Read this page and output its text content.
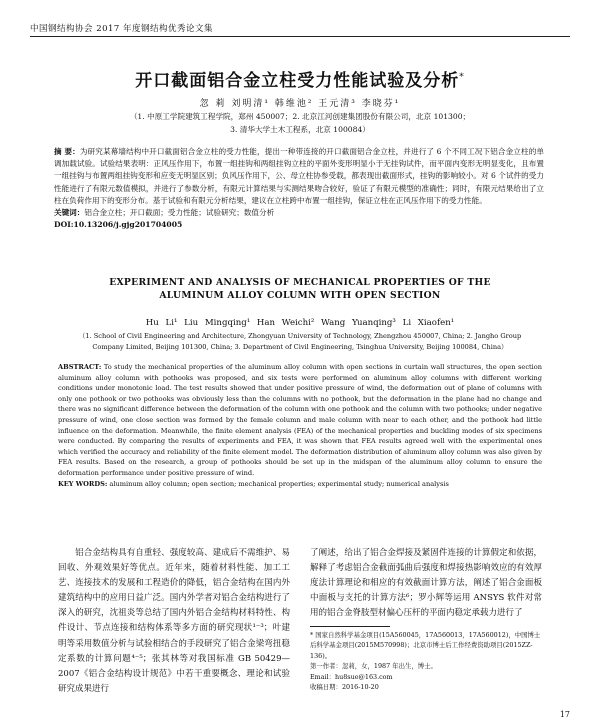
中国钢结构协会 2017 年度钢结构优秀论文集
开口截面铝合金立柱受力性能试验及分析*
忽 莉 刘明清¹ 韩维池² 王元清³ 李晓芬¹
（1. 中原工学院建筑工程学院，郑州 450007；2. 北京江河创建集团股份有限公司，北京 101300；
3. 清华大学土木工程系，北京 100084）
摘 要：为研究某幕墙结构中开口截面铝合金立柱的受力性能，提出一种带连接的开口截面铝合金立柱，并进行了 6 个不同工况下铝合金立柱的单调加载试验。试验结果表明：正风压作用下，布置一组挂钩和两组挂钩立柱的平面外变形明显小于无挂钩试件，而平面内变形无明显变化，且布置一组挂钩与布置两组挂钩变形和应变无明显区别；负风压作用下，公、母立柱协参受载，都表现出截面形式，挂钩的影响较小。对 6 个试件的受力性能进行了有限元数值模拟，并进行了参数分析，有限元计算结果与实测结果吻合较好，验证了有限元模型的准确性；同时，有限元结果给出了立柱在负荷作用下的变形分布。基于试验和有限元分析结果，建议在立柱跨中布置一组挂钩，保证立柱在正风压作用下的受力性能。
关键词：铝合金立柱；开口截面；受力性能；试验研究；数值分析
DOI:10.13206/j.gjg201704005
EXPERIMENT AND ANALYSIS OF MECHANICAL PROPERTIES OF THE
ALUMINUM ALLOY COLUMN WITH OPEN SECTION
Hu Li¹ Liu Mingqing¹ Han Weichi² Wang Yuanqing³ Li Xiaofen¹
（1. School of Civil Engineering and Architecture, Zhongyuan University of Technology, Zhengzhou 450007, China; 2. Jangho Group Company Limited, Beijing 101300, China; 3. Department of Civil Engineering, Tsinghua University, Beijing 100084, China）
ABSTRACT: To study the mechanical properties of the aluminum alloy column with open sections in curtain wall structures, the open section aluminum alloy column with pothooks was proposed, and six tests were performed on aluminum alloy columns with different working conditions under monotonic load. The test results showed that under positive pressure of wind, the deformation out of plane of columns with only one pothook or two pothooks was obviously less than the columns with no pothook, but the deformation in the plane had no change and there was no significant difference between the deformation of the column with one pothook and the column with two pothooks; under negative pressure of wind, one close section was formed by the female column and male column with near to each other, and the pothook had little influence on the deformation. Meanwhile, the finite element analysis (FEA) of the mechanical properties and buckling modes of six specimens were conducted. By comparing the results of experiments and FEA, it was shown that FEA results agreed well with the experimental ones which verified the accuracy and reliability of the finite element model. The deformation distribution of aluminum alloy column was also given by FEA results. Based on the research, a group of pothooks should be set up in the midspan of the aluminum alloy column to ensure the deformation performance under positive pressure of wind.
KEY WORDS: aluminum alloy column; open section; mechanical properties; experimental study; numerical analysis
铝合金结构具有自重轻、强度较高、建成后不需维护、易回收、外观效果好等优点。近年来，随着材料性能、加工工艺、连接技术的发展和工程造价的降低，铝合金结构在国内外建筑结构中的应用日益广泛。国内外学者对铝合金结构进行了深入的研究，沈祖炎等总结了国内外铝合金结构材料特性、构件设计、节点连接和结构体系等多方面的研究现状¹⁻³；叶建明等采用数值分析与试验相结合的手段研究了铝合金梁弯扭稳定系数的计算问题⁴⁻⁵；张其林等对我国标准 GB 50429—2007《铝合金结构设计规范》中若干重要概念、理论和试验研究成果进行
了阐述，给出了铝合金焊接及紧固件连接的计算假定和依据，解释了考虑铝合金截面弧曲后强度和焊接热影响效应的有效厚度法计算理论和相应的有效截面计算方法，阐述了铝合金面板中面板与支托的计算方法⁶；罗小辉等运用 ANSYS 软件对常用的铝合金脊肢型材偏心压杆的平面内稳定承载力进行了
* 国家自然科学基金项目(15A560045，17A560013，17A560012)，中国博士后科学基金项目(2015M570998)；北京市博士后工作经费资助项目(2015ZZ-136)。
第一作者：忽莉，女，1987 年出生，博士。
Email：hu8sue@163.com
收稿日期：2016-10-20
17
